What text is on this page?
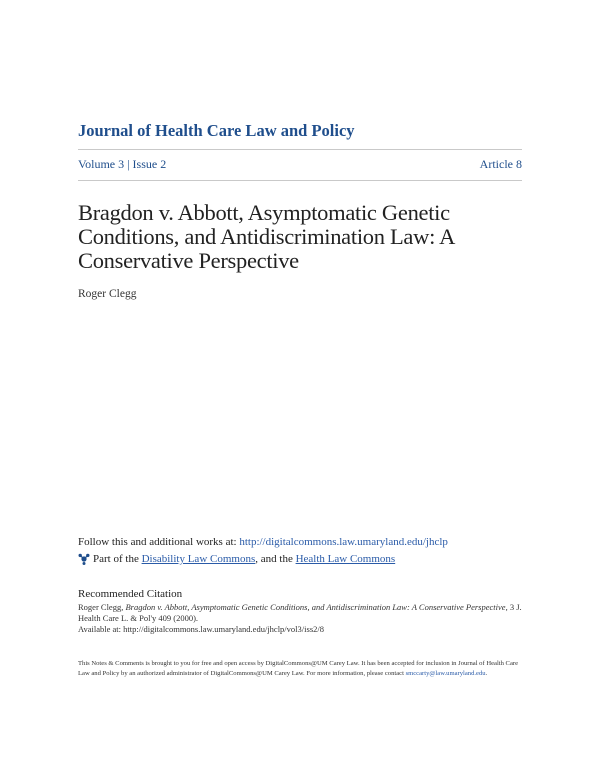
Journal of Health Care Law and Policy
Volume 3 | Issue 2	Article 8
Bragdon v. Abbott, Asymptomatic Genetic Conditions, and Antidiscrimination Law: A Conservative Perspective
Roger Clegg
Follow this and additional works at: http://digitalcommons.law.umaryland.edu/jhclp
Part of the Disability Law Commons, and the Health Law Commons
Recommended Citation
Roger Clegg, Bragdon v. Abbott, Asymptomatic Genetic Conditions, and Antidiscrimination Law: A Conservative Perspective, 3 J. Health Care L. & Pol'y 409 (2000).
Available at: http://digitalcommons.law.umaryland.edu/jhclp/vol3/iss2/8
This Notes & Comments is brought to you for free and open access by DigitalCommons@UM Carey Law. It has been accepted for inclusion in Journal of Health Care Law and Policy by an authorized administrator of DigitalCommons@UM Carey Law. For more information, please contact smccarty@law.umaryland.edu.
